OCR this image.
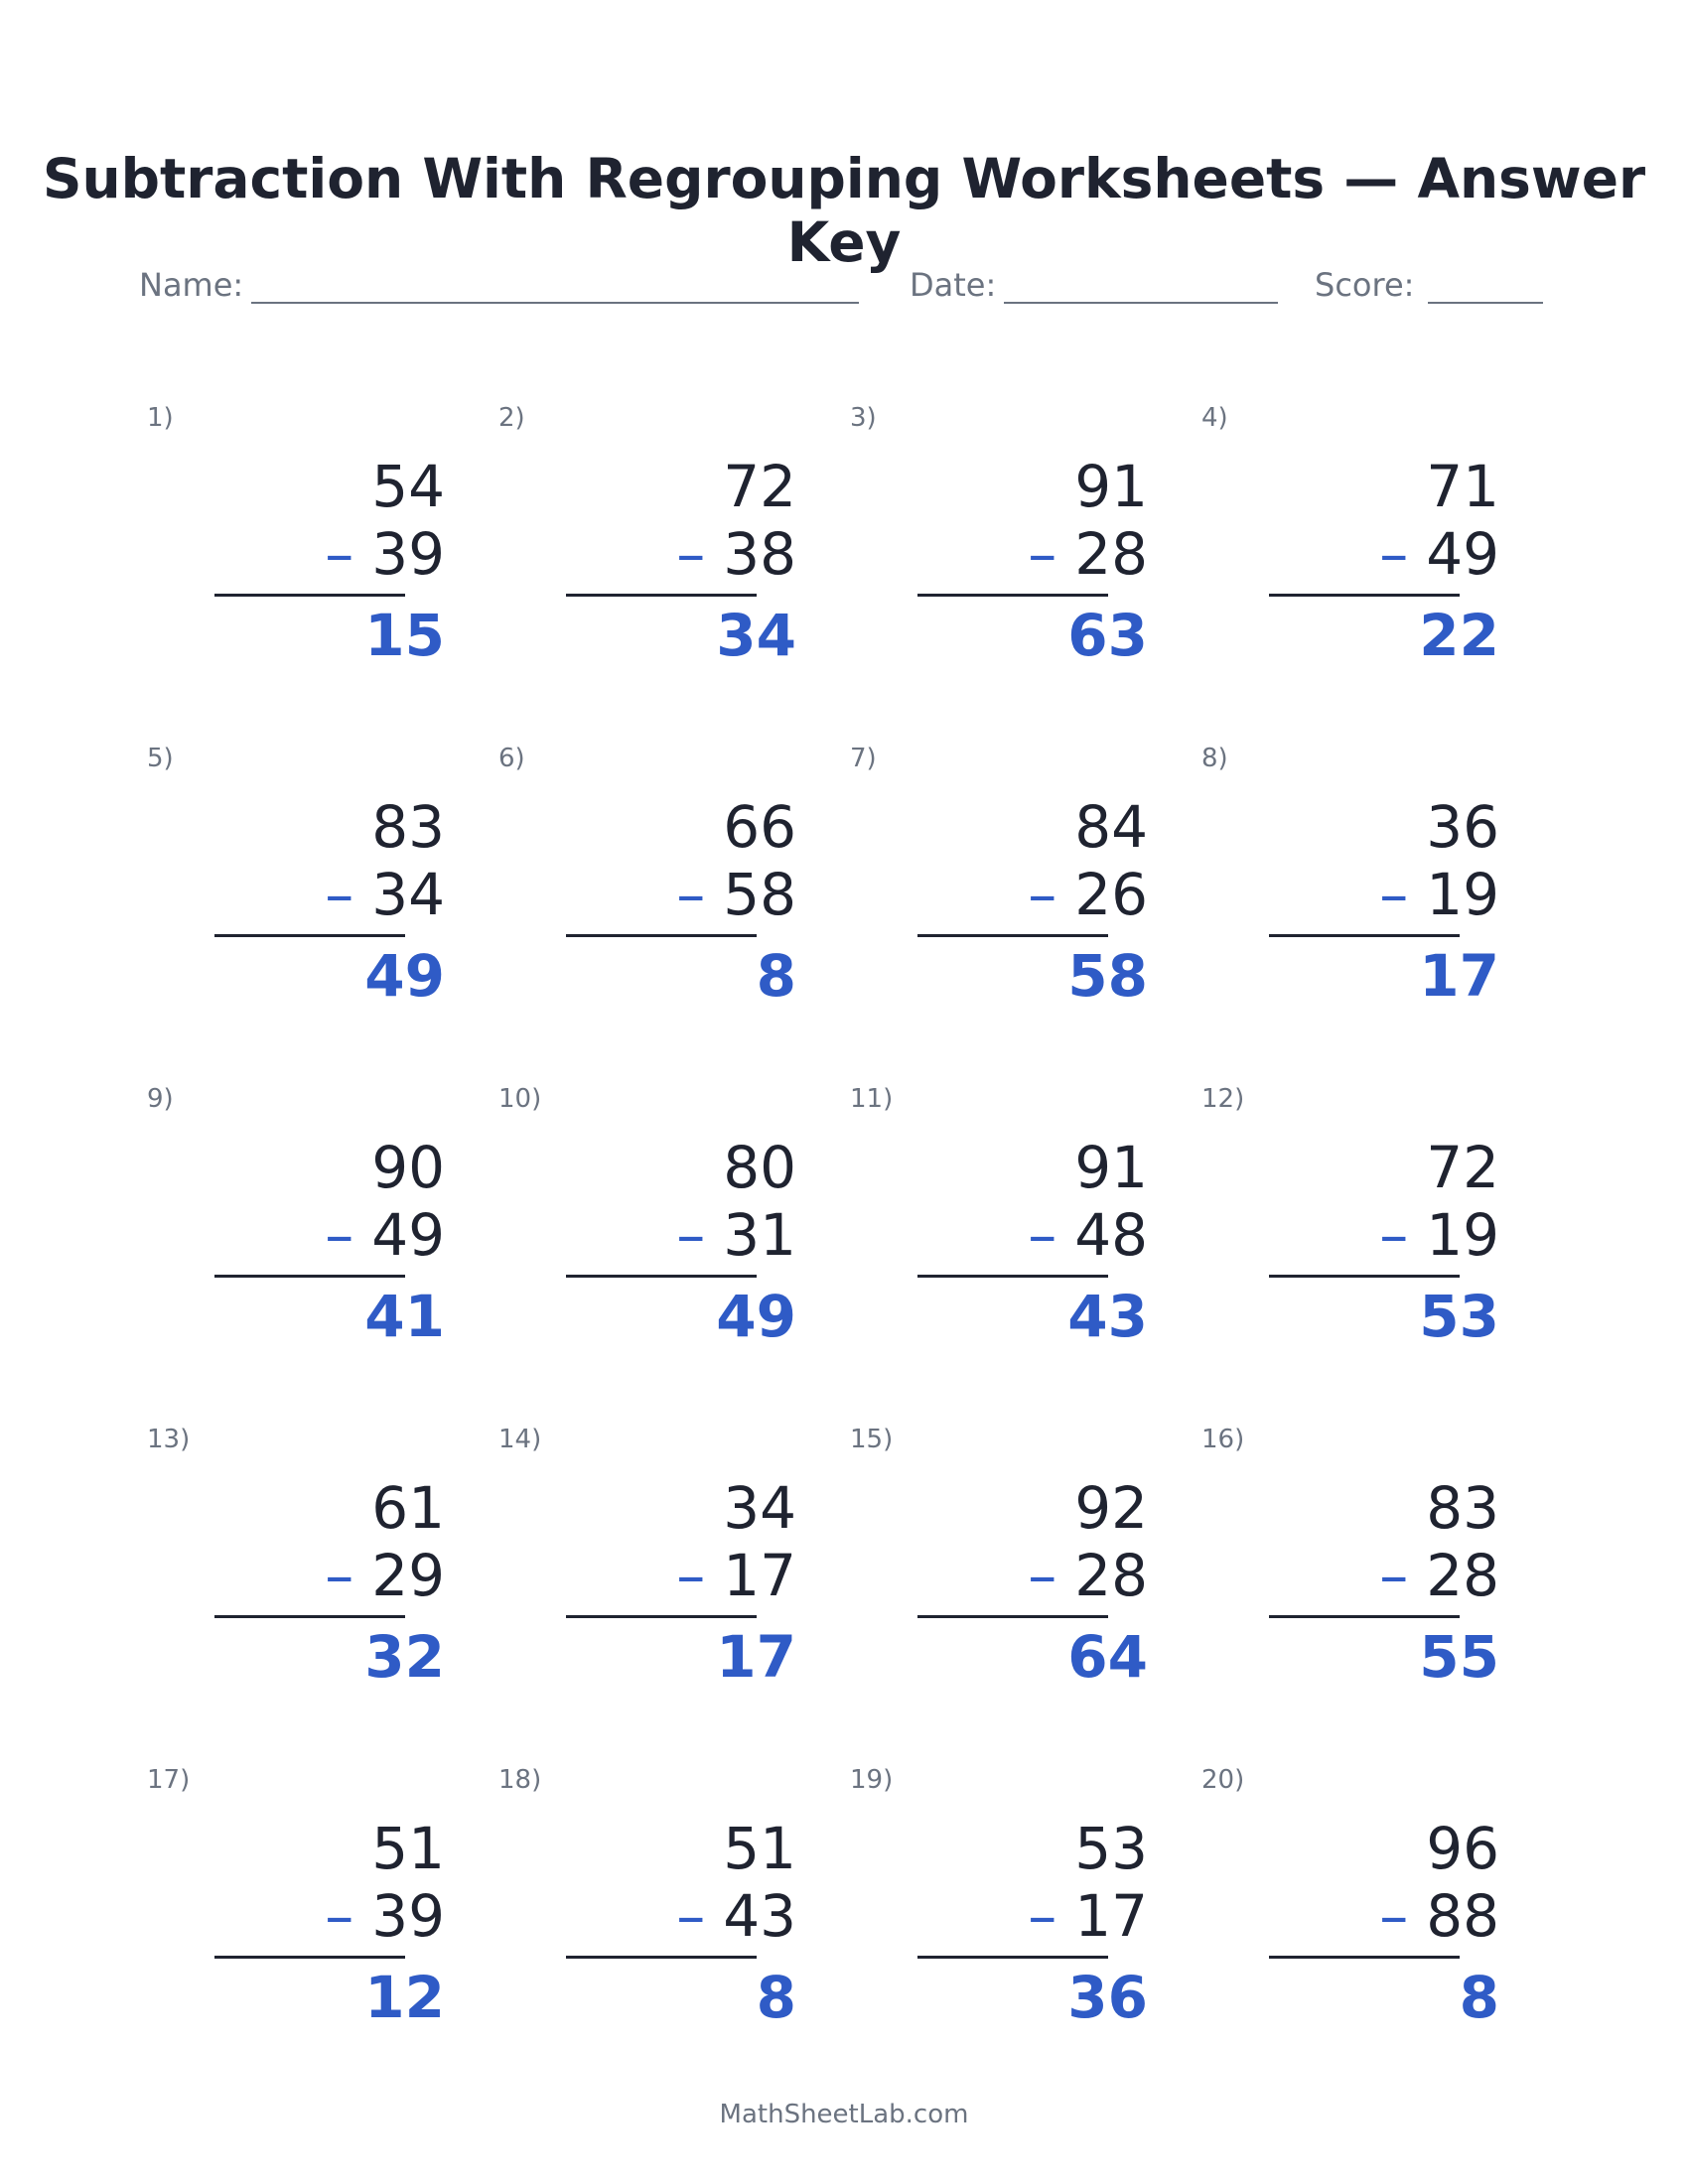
Subtraction With Regrouping Worksheets — Answer Key
Name:	Date:	Score:
1)
54
– 39
15
2)
72
– 38
34
3)
91
– 28
63
4)
71
– 49
22
5)
83
– 34
49
6)
66
– 58
8
7)
84
– 26
58
8)
36
– 19
17
9)
90
– 49
41
10)
80
– 31
49
11)
91
– 48
43
12)
72
– 19
53
13)
61
– 29
32
14)
34
– 17
17
15)
92
– 28
64
16)
83
– 28
55
17)
51
– 39
12
18)
51
– 43
8
19)
53
– 17
36
20)
96
– 88
8
MathSheetLab.com
